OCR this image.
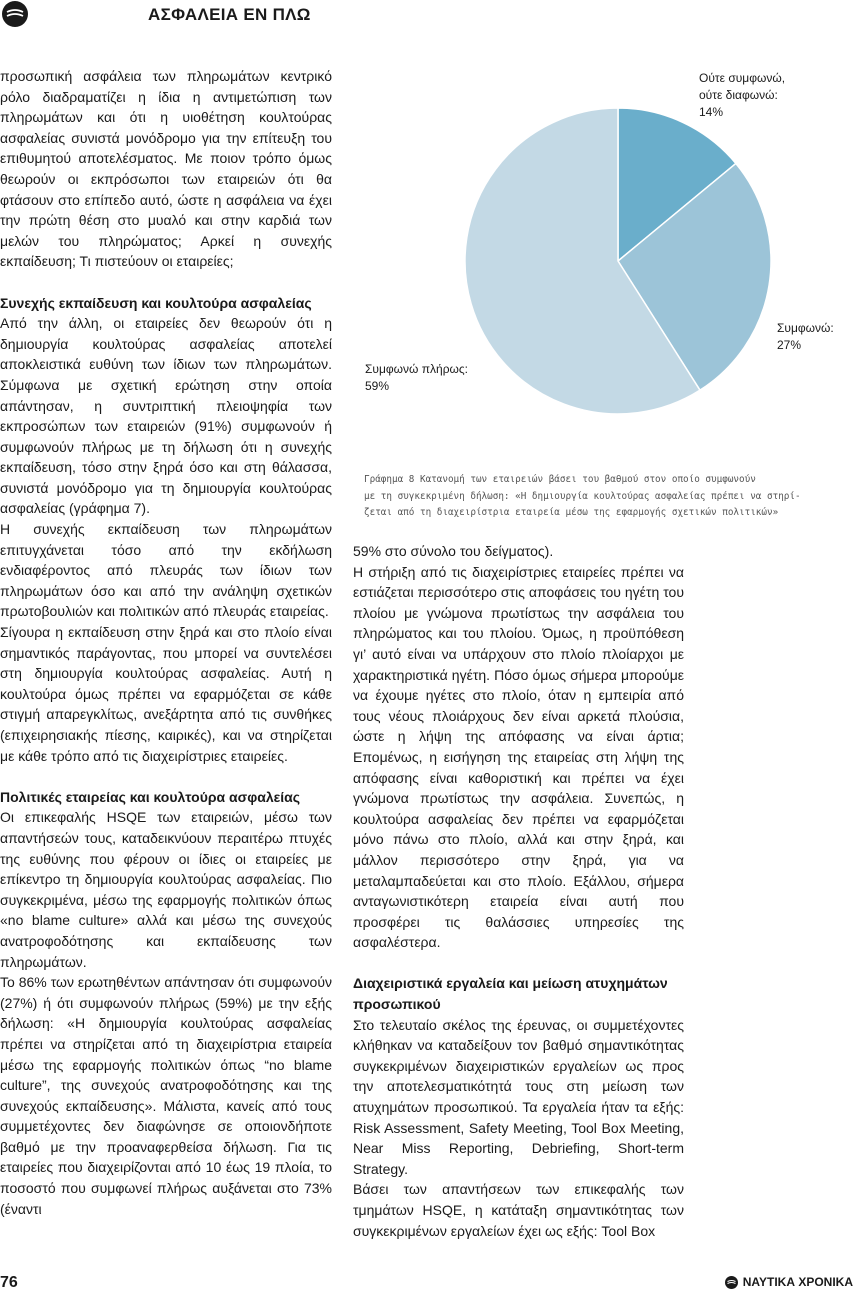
ΑΣΦΑΛΕΙΑ ΕΝ ΠΛΩ

προσωπική ασφάλεια των πληρωμάτων κεντρικό ρόλο διαδραματίζει η ίδια η αντιμετώπιση των πληρωμάτων και ότι η υιοθέτηση κουλτούρας ασφαλείας συνιστά μονόδρομο για την επίτευξη του επιθυμητού αποτελέσματος. Με ποιον τρόπο όμως θεωρούν οι εκπρόσωποι των εταιρειών ότι θα φτάσουν στο επίπεδο αυτό, ώστε η ασφάλεια να έχει την πρώτη θέση στο μυαλό και στην καρδιά των μελών του πληρώματος; Αρκεί η συνεχής εκπαίδευση; Τι πιστεύουν οι εταιρείες;

Συνεχής εκπαίδευση και κουλτούρα ασφαλείας

Από την άλλη, οι εταιρείες δεν θεωρούν ότι η δημιουργία κουλτούρας ασφαλείας αποτελεί αποκλειστικά ευθύνη των ίδιων των πληρωμάτων. Σύμφωνα με σχετική ερώτηση στην οποία απάντησαν, η συντριπτική πλειοψηφία των εκπροσώπων των εταιρειών (91%) συμφωνούν ή συμφωνούν πλήρως με τη δήλωση ότι η συνεχής εκπαίδευση, τόσο στην ξηρά όσο και στη θάλασσα, συνιστά μονόδρομο για τη δημιουργία κουλτούρας ασφαλείας (γράφημα 7).

Η συνεχής εκπαίδευση των πληρωμάτων επιτυγχάνεται τόσο από την εκδήλωση ενδιαφέροντος από πλευράς των ίδιων των πληρωμάτων όσο και από την ανάληψη σχετικών πρωτοβουλιών και πολιτικών από πλευράς εταιρείας.

Σίγουρα η εκπαίδευση στην ξηρά και στο πλοίο είναι σημαντικός παράγοντας, που μπορεί να συντελέσει στη δημιουργία κουλτούρας ασφαλείας. Αυτή η κουλτούρα όμως πρέπει να εφαρμόζεται σε κάθε στιγμή απαρεγκλίτως, ανεξάρτητα από τις συνθήκες (επιχειρησιακής πίεσης, καιρικές), και να στηρίζεται με κάθε τρόπο από τις διαχειρίστριες εταιρείες.

Πολιτικές εταιρείας και κουλτούρα ασφαλείας

Οι επικεφαλής HSQE των εταιρειών, μέσω των απαντήσεών τους, καταδεικνύουν περαιτέρω πτυχές της ευθύνης που φέρουν οι ίδιες οι εταιρείες με επίκεντρο τη δημιουργία κουλτούρας ασφαλείας. Πιο συγκεκριμένα, μέσω της εφαρμογής πολιτικών όπως «no blame culture» αλλά και μέσω της συνεχούς ανατροφοδότησης και εκπαίδευσης των πληρωμάτων.

Το 86% των ερωτηθέντων απάντησαν ότι συμφωνούν (27%) ή ότι συμφωνούν πλήρως (59%) με την εξής δήλωση: «Η δημιουργία κουλτούρας ασφαλείας πρέπει να στηρίζεται από τη διαχειρίστρια εταιρεία μέσω της εφαρμογής πολιτικών όπως “no blame culture”, της συνεχούς ανατροφοδότησης και της συνεχούς εκπαίδευσης». Μάλιστα, κανείς από τους συμμετέχοντες δεν διαφώνησε σε οποιονδήποτε βαθμό με την προαναφερθείσα δήλωση. Για τις εταιρείες που διαχειρίζονται από 10 έως 19 πλοία, το ποσοστό που συμφωνεί πλήρως αυξάνεται στο 73% (έναντι

Ούτε συμφωνώ,
ούτε διαφωνώ:
14%
Συμφωνώ:
27%
Συμφωνώ πλήρως:
59%
Γράφημα 8 Κατανομή των εταιρειών βάσει του βαθμού στον οποίο συμφωνούν
με τη συγκεκριμένη δήλωση: «Η δημιουργία κουλτούρας ασφαλείας πρέπει να στηρί-
ζεται από τη διαχειρίστρια εταιρεία μέσω της εφαρμογής σχετικών πολιτικών»

59% στο σύνολο του δείγματος).

Η στήριξη από τις διαχειρίστριες εταιρείες πρέπει να εστιάζεται περισσότερο στις αποφάσεις του ηγέτη του πλοίου με γνώμονα πρωτίστως την ασφάλεια του πληρώματος και του πλοίου. Όμως, η προϋπόθεση γι’ αυτό είναι να υπάρχουν στο πλοίο πλοίαρχοι με χαρακτηριστικά ηγέτη. Πόσο όμως σήμερα μπορούμε να έχουμε ηγέτες στο πλοίο, όταν η εμπειρία από τους νέους πλοιάρχους δεν είναι αρκετά πλούσια, ώστε η λήψη της απόφασης να είναι άρτια; Επομένως, η εισήγηση της εταιρείας στη λήψη της απόφασης είναι καθοριστική και πρέπει να έχει γνώμονα πρωτίστως την ασφάλεια. Συνεπώς, η κουλτούρα ασφαλείας δεν πρέπει να εφαρμόζεται μόνο πάνω στο πλοίο, αλλά και στην ξηρά, και μάλλον περισσότερο στην ξηρά, για να μεταλαμπαδεύεται και στο πλοίο. Εξάλλου, σήμερα ανταγωνιστικότερη εταιρεία είναι αυτή που προσφέρει τις θαλάσσιες υπηρεσίες της ασφαλέστερα.

Διαχειριστικά εργαλεία και μείωση ατυχημάτων προσωπικού

Στο τελευταίο σκέλος της έρευνας, οι συμμετέχοντες κλήθηκαν να καταδείξουν τον βαθμό σημαντικότητας συγκεκριμένων διαχειριστικών εργαλείων ως προς την αποτελεσματικότητά τους στη μείωση των ατυχημάτων προσωπικού. Τα εργαλεία ήταν τα εξής: Risk Assessment, Safety Meeting, Tool Box Meeting, Near Miss Reporting, Debriefing, Short-term Strategy.

Βάσει των απαντήσεων των επικεφαλής των τμημάτων HSQE, η κατάταξη σημαντικότητας των συγκεκριμένων εργαλείων έχει ως εξής: Tool Box

76	ΝΑΥΤΙΚΑ ΧΡΟΝΙΚΑ
